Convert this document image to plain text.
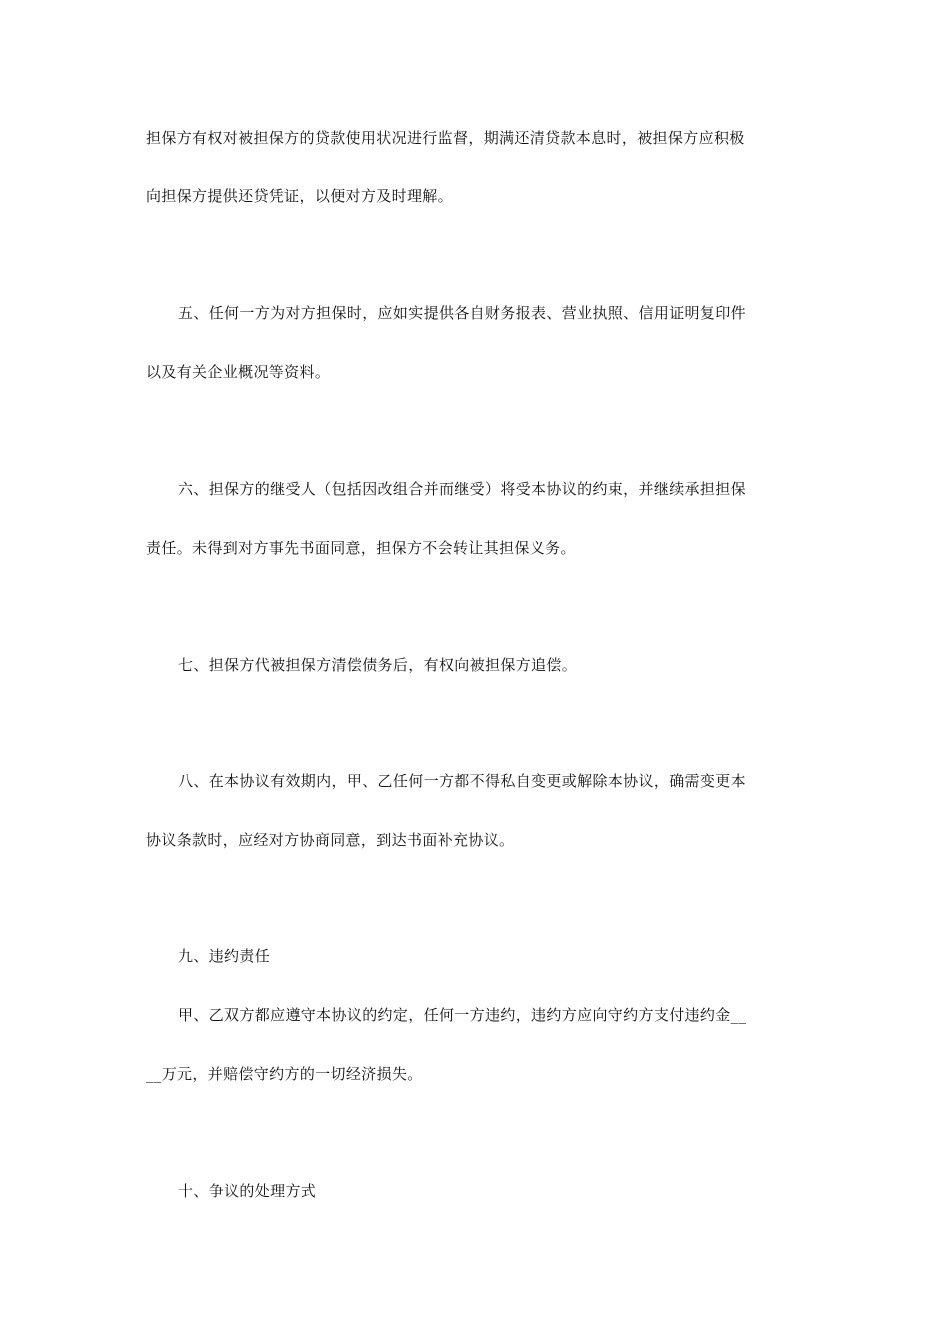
担保方有权对被担保方的贷款使用状况进行监督，期满还清贷款本息时，被担保方应积极
向担保方提供还贷凭证，以便对方及时理解。
五、任何一方为对方担保时，应如实提供各自财务报表、营业执照、信用证明复印件
以及有关企业概况等资料。
六、担保方的继受人（包括因改组合并而继受）将受本协议的约束，并继续承担担保
责任。未得到对方事先书面同意，担保方不会转让其担保义务。
七、担保方代被担保方清偿债务后，有权向被担保方追偿。
八、在本协议有效期内，甲、乙任何一方都不得私自变更或解除本协议，确需变更本
协议条款时，应经对方协商同意，到达书面补充协议。
九、违约责任
甲、乙双方都应遵守本协议的约定，任何一方违约，违约方应向守约方支付违约金__
__万元，并赔偿守约方的一切经济损失。
十、争议的处理方式
